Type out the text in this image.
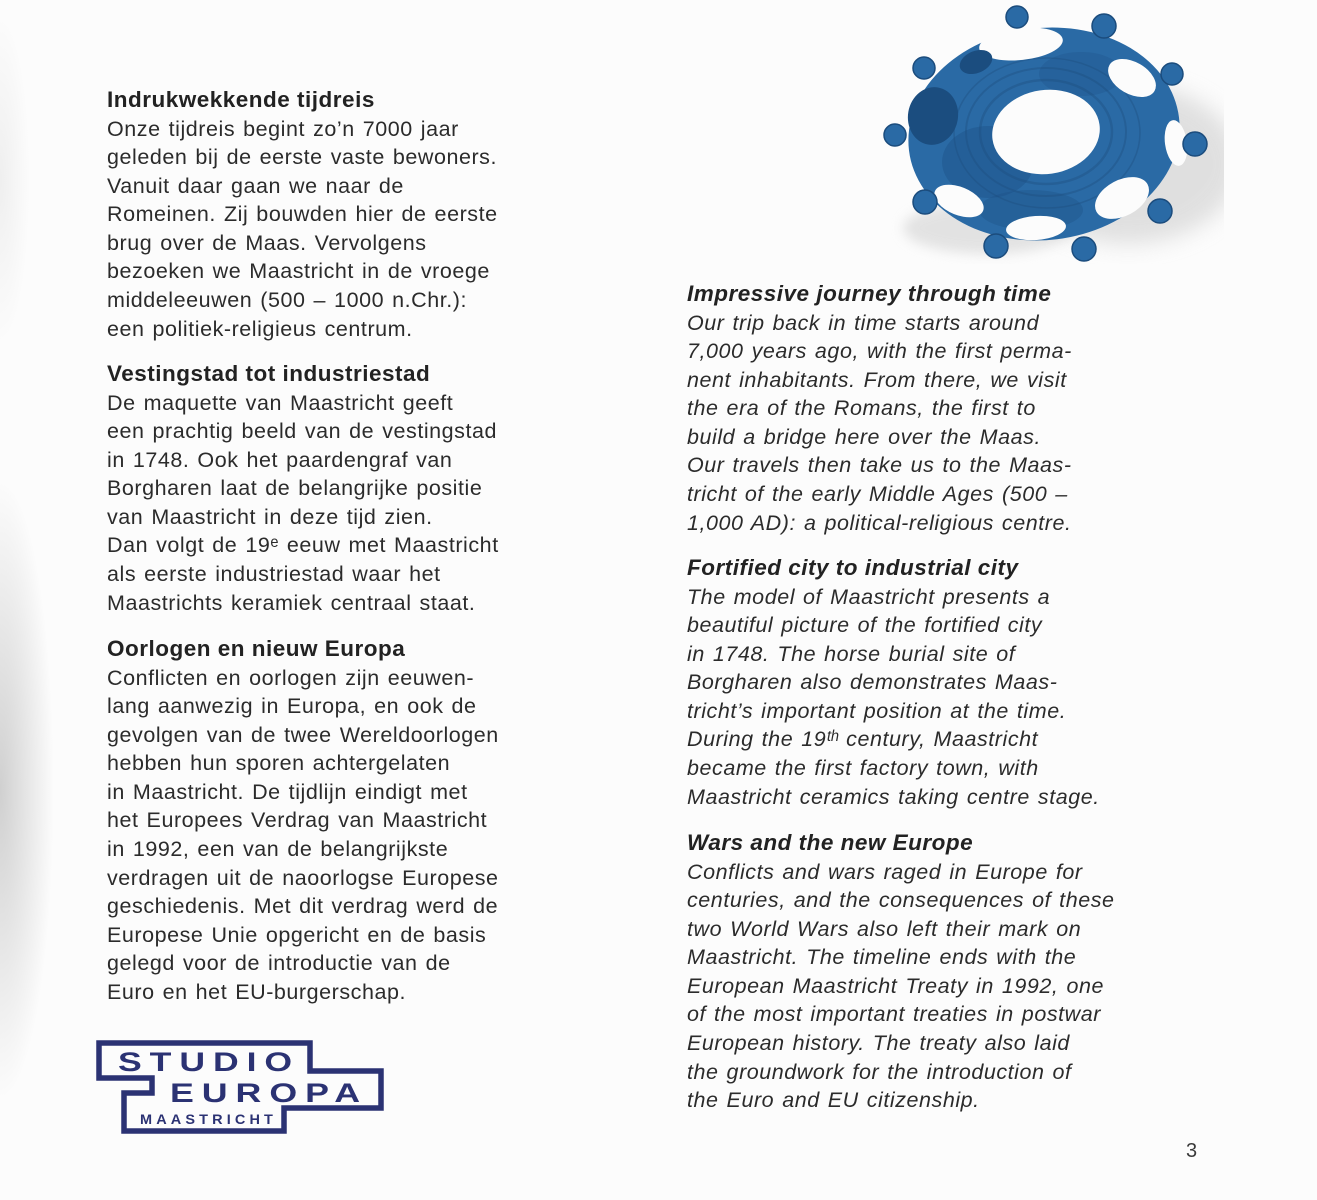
Indrukwekkende tijdreis
Onze tijdreis begint zo’n 7000 jaar
geleden bij de eerste vaste bewoners.
Vanuit daar gaan we naar de
Romeinen. Zij bouwden hier de eerste
brug over de Maas. Vervolgens
bezoeken we Maastricht in de vroege
middeleeuwen (500 – 1000 n.Chr.):
een politiek-religieus centrum.
Vestingstad tot industriestad
De maquette van Maastricht geeft
een prachtig beeld van de vestingstad
in 1748. Ook het paardengraf van
Borgharen laat de belangrijke positie
van Maastricht in deze tijd zien.
Dan volgt de 19ᵉ eeuw met Maastricht
als eerste industriestad waar het
Maastrichts keramiek centraal staat.
Oorlogen en nieuw Europa
Conflicten en oorlogen zijn eeuwen-
lang aanwezig in Europa, en ook de
gevolgen van de twee Wereldoorlogen
hebben hun sporen achtergelaten
in Maastricht. De tijdlijn eindigt met
het Europees Verdrag van Maastricht
in 1992, een van de belangrijkste
verdragen uit de naoorlogse Europese
geschiedenis. Met dit verdrag werd de
Europese Unie opgericht en de basis
gelegd voor de introductie van de
Euro en het EU-burgerschap.
Impressive journey through time
Our trip back in time starts around
7,000 years ago, with the first perma-
nent inhabitants. From there, we visit
the era of the Romans, the first to
build a bridge here over the Maas.
Our travels then take us to the Maas-
tricht of the early Middle Ages (500 –
1,000 AD): a political-religious centre.
Fortified city to industrial city
The model of Maastricht presents a
beautiful picture of the fortified city
in 1748. The horse burial site of
Borgharen also demonstrates Maas-
tricht’s important position at the time.
During the 19ᵗʰ century, Maastricht
became the first factory town, with
Maastricht ceramics taking centre stage.
Wars and the new Europe
Conflicts and wars raged in Europe for
centuries, and the consequences of these
two World Wars also left their mark on
Maastricht. The timeline ends with the
European Maastricht Treaty in 1992, one
of the most important treaties in postwar
European history. The treaty also laid
the groundwork for the introduction of
the Euro and EU citizenship.
STUDIO
EUROPA
MAASTRICHT
3
